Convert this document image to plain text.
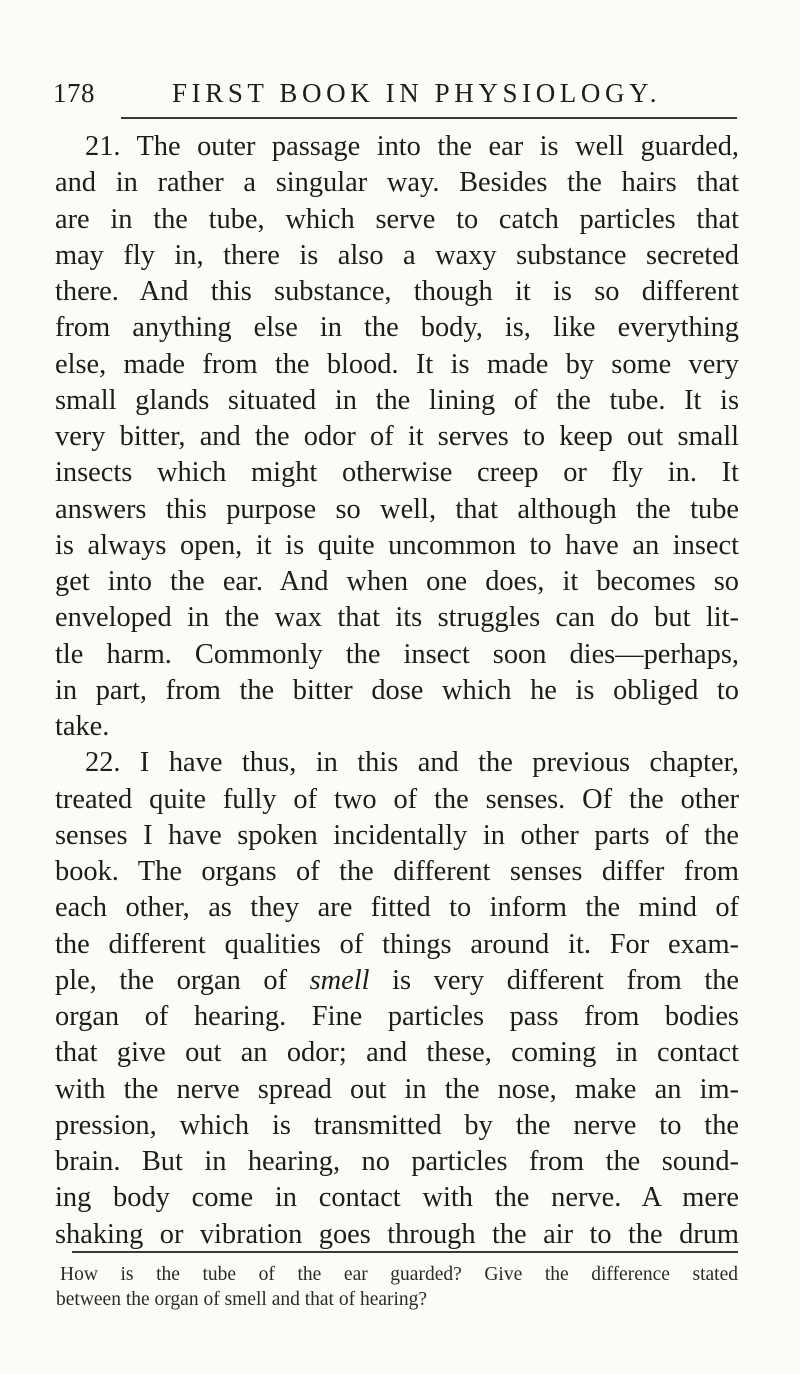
178	FIRST BOOK IN PHYSIOLOGY.
21. The outer passage into the ear is well guarded,
and in rather a singular way. Besides the hairs that
are in the tube, which serve to catch particles that
may fly in, there is also a waxy substance secreted
there. And this substance, though it is so different
from anything else in the body, is, like everything
else, made from the blood. It is made by some very
small glands situated in the lining of the tube. It is
very bitter, and the odor of it serves to keep out small
insects which might otherwise creep or fly in. It
answers this purpose so well, that although the tube
is always open, it is quite uncommon to have an insect
get into the ear. And when one does, it becomes so
enveloped in the wax that its struggles can do but lit-
tle harm. Commonly the insect soon dies—perhaps,
in part, from the bitter dose which he is obliged to
take.
22. I have thus, in this and the previous chapter,
treated quite fully of two of the senses. Of the other
senses I have spoken incidentally in other parts of the
book. The organs of the different senses differ from
each other, as they are fitted to inform the mind of
the different qualities of things around it. For exam-
ple, the organ of smell is very different from the
organ of hearing. Fine particles pass from bodies
that give out an odor; and these, coming in contact
with the nerve spread out in the nose, make an im-
pression, which is transmitted by the nerve to the
brain. But in hearing, no particles from the sound-
ing body come in contact with the nerve. A mere
shaking or vibration goes through the air to the drum
How is the tube of the ear guarded? Give the difference stated
between the organ of smell and that of hearing?
